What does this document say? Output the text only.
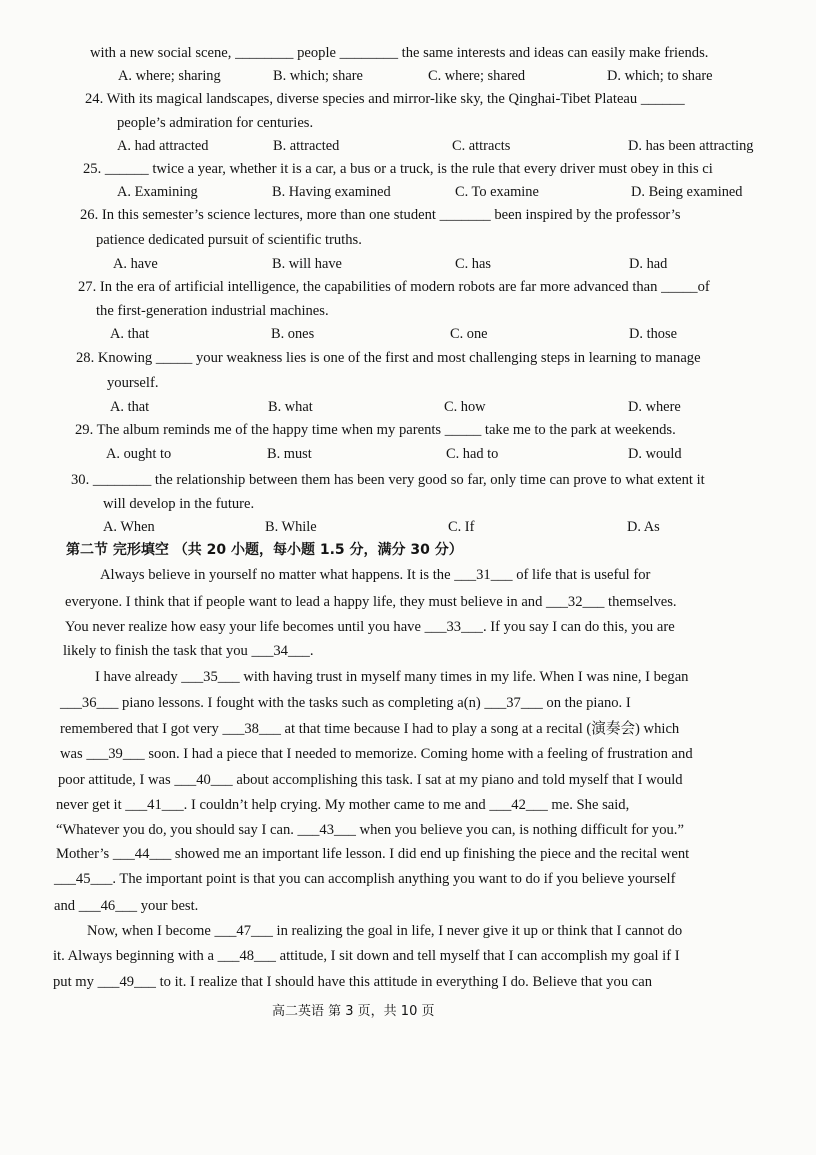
with a new social scene, ________ people ________ the same interests and ideas can easily make friends.
A. where; sharing	B. which; share	C. where; shared	D. which; to share
24. With its magical landscapes, diverse species and mirror-like sky, the Qinghai-Tibet Plateau ______
people’s admiration for centuries.
A. had attracted	B. attracted	C. attracts	D. has been attracting
25. ______ twice a year, whether it is a car, a bus or a truck, is the rule that every driver must obey in this ci
A. Examining	B. Having examined	C. To examine	D. Being examined
26. In this semester’s science lectures, more than one student _______ been inspired by the professor’s
patience dedicated pursuit of scientific truths.
A. have	B. will have	C. has	D. had
27. In the era of artificial intelligence, the capabilities of modern robots are far more advanced than _____of
the first-generation industrial machines.
A. that	B. ones	C. one	D. those
28. Knowing _____ your weakness lies is one of the first and most challenging steps in learning to manage
yourself.
A. that	B. what	C. how	D. where
29. The album reminds me of the happy time when my parents _____ take me to the park at weekends.
A. ought to	B. must	C. had to	D. would
30. ________ the relationship between them has been very good so far, only time can prove to what extent it
will develop in the future.
A. When	B. While	C. If	D. As
第二节 完形填空 （共 20 小题，每小题 1.5 分，满分 30 分）
Always believe in yourself no matter what happens. It is the ___31___ of life that is useful for
everyone. I think that if people want to lead a happy life, they must believe in and ___32___ themselves.
You never realize how easy your life becomes until you have ___33___. If you say I can do this, you are
likely to finish the task that you ___34___.
I have already ___35___ with having trust in myself many times in my life. When I was nine, I began
___36___ piano lessons. I fought with the tasks such as completing a(n) ___37___ on the piano. I
remembered that I got very ___38___ at that time because I had to play a song at a recital (演奏会) which
was ___39___ soon. I had a piece that I needed to memorize. Coming home with a feeling of frustration and
poor attitude, I was ___40___ about accomplishing this task. I sat at my piano and told myself that I would
never get it ___41___. I couldn’t help crying. My mother came to me and ___42___ me. She said,
“Whatever you do, you should say I can. ___43___ when you believe you can, is nothing difficult for you.”
Mother’s ___44___ showed me an important life lesson. I did end up finishing the piece and the recital went
___45___. The important point is that you can accomplish anything you want to do if you believe yourself
and ___46___ your best.
Now, when I become ___47___ in realizing the goal in life, I never give it up or think that I cannot do
it. Always beginning with a ___48___ attitude, I sit down and tell myself that I can accomplish my goal if I
put my ___49___ to it. I realize that I should have this attitude in everything I do. Believe that you can
高二英语 第 3 页，共 10 页
